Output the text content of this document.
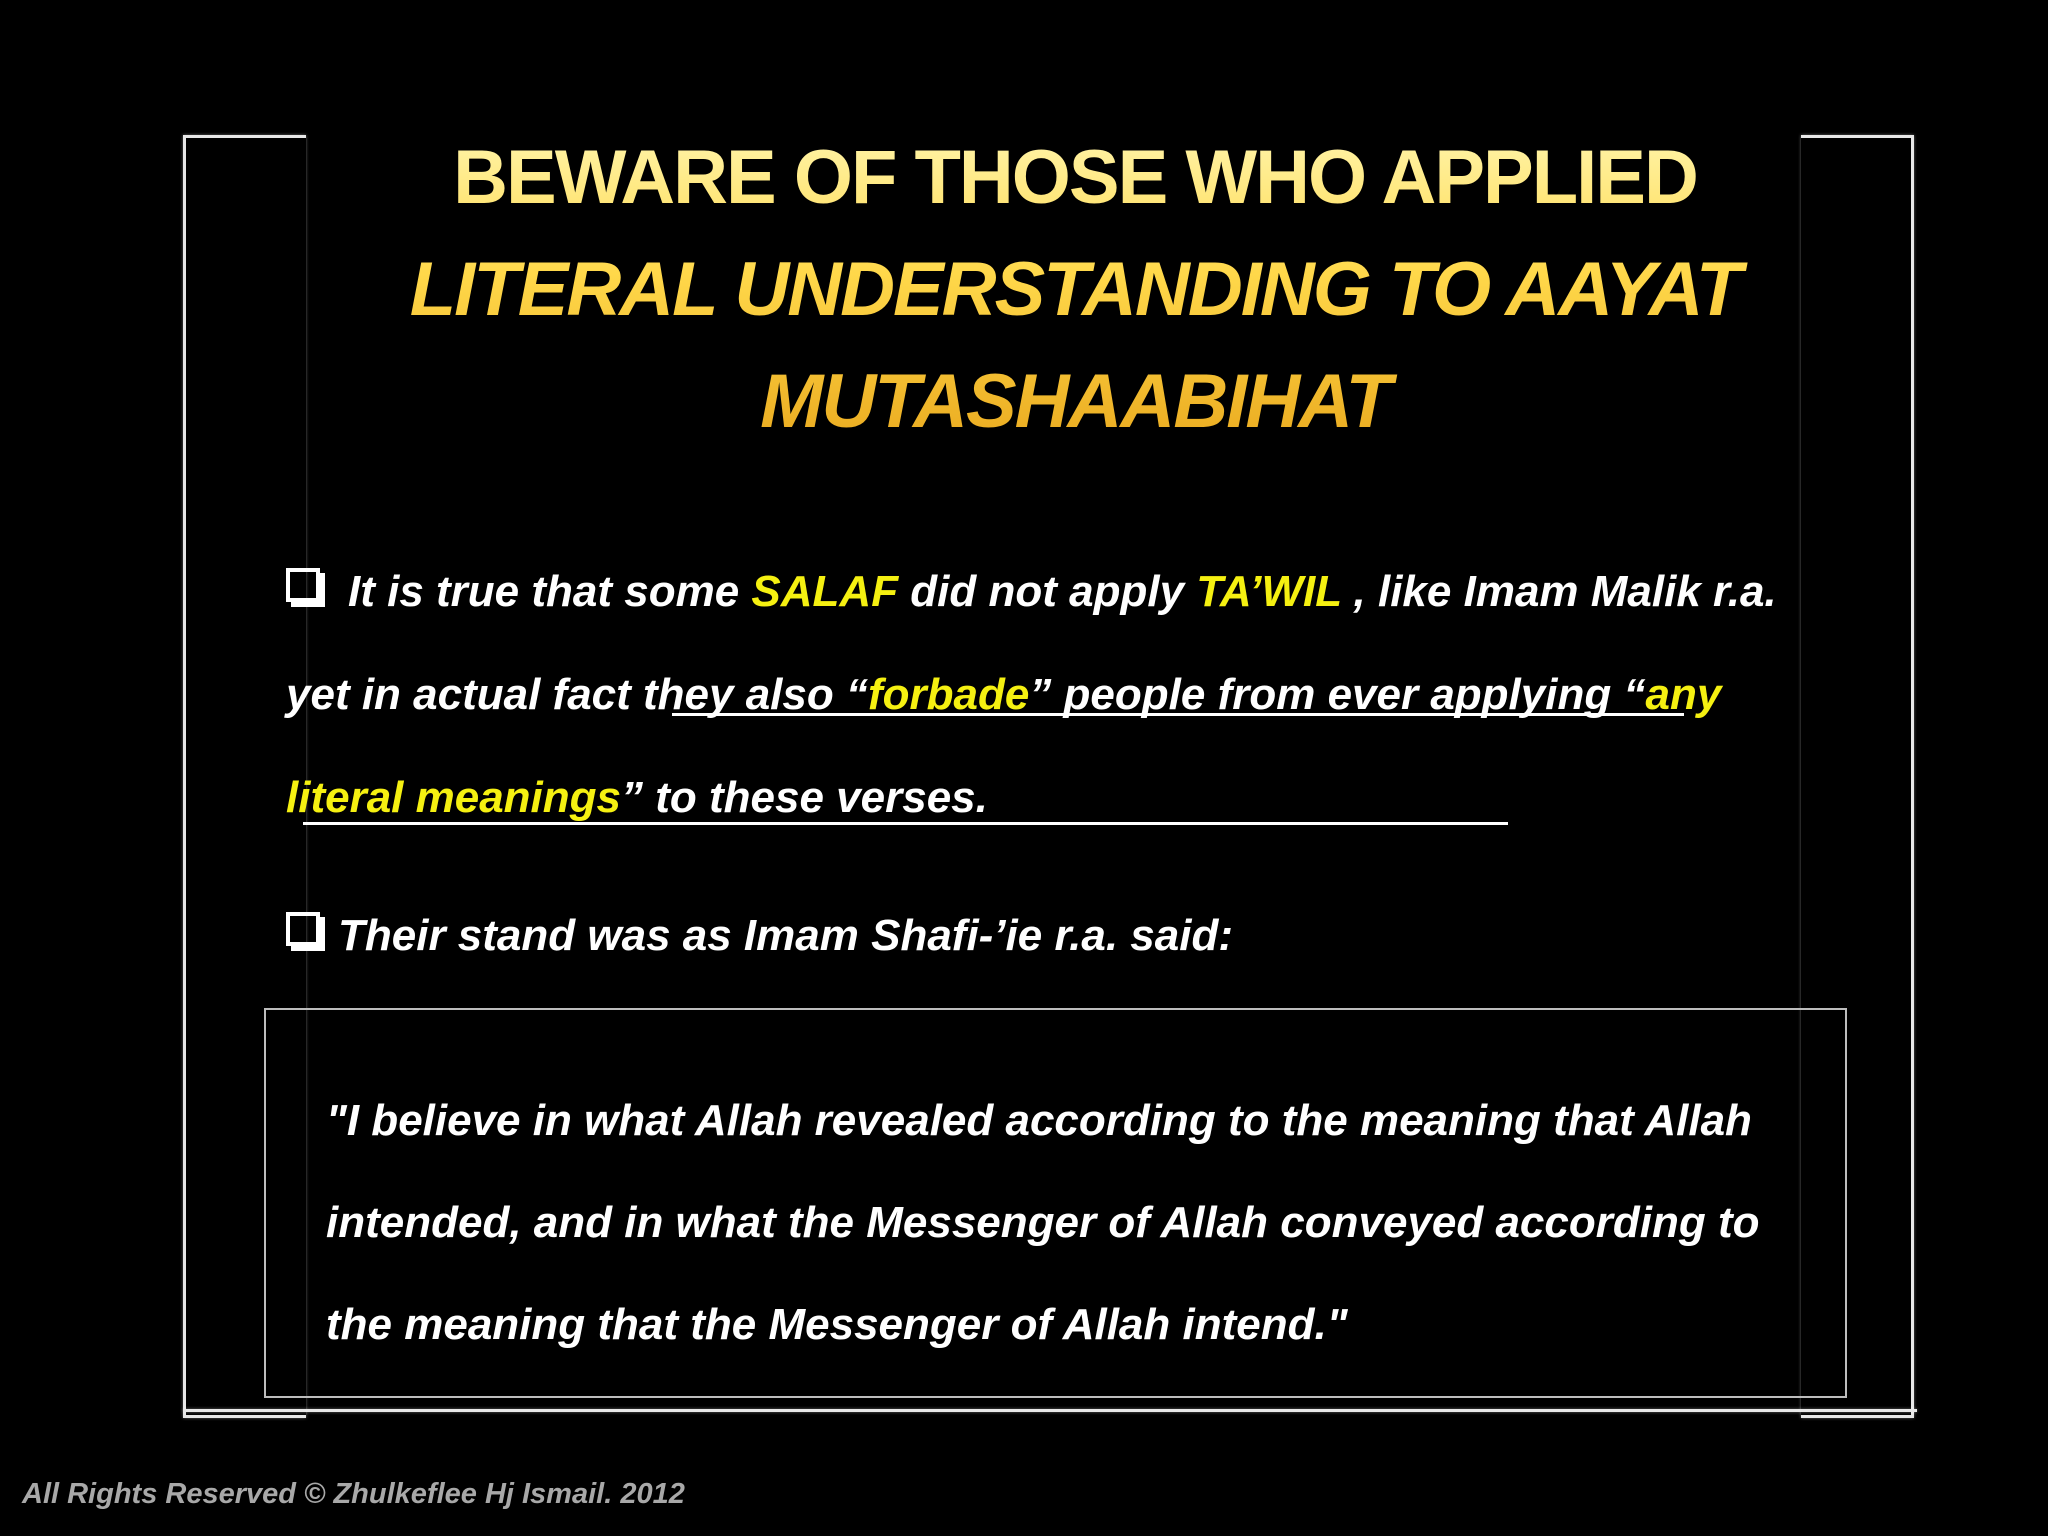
BEWARE OF THOSE WHO APPLIED
LITERAL UNDERSTANDING TO AAYAT
MUTASHAABIHAT
It is true that some SALAF did not apply TA’WIL , like Imam Malik r.a. yet in actual fact they also “forbade” people from ever applying “any literal meanings” to these verses.
Their stand was as Imam Shafi-’ie r.a. said:
"I believe in what Allah revealed according to the meaning that Allah intended, and in what the Messenger of Allah conveyed according to the meaning that the Messenger of Allah intend."
All Rights Reserved © Zhulkeflee Hj Ismail. 2012
